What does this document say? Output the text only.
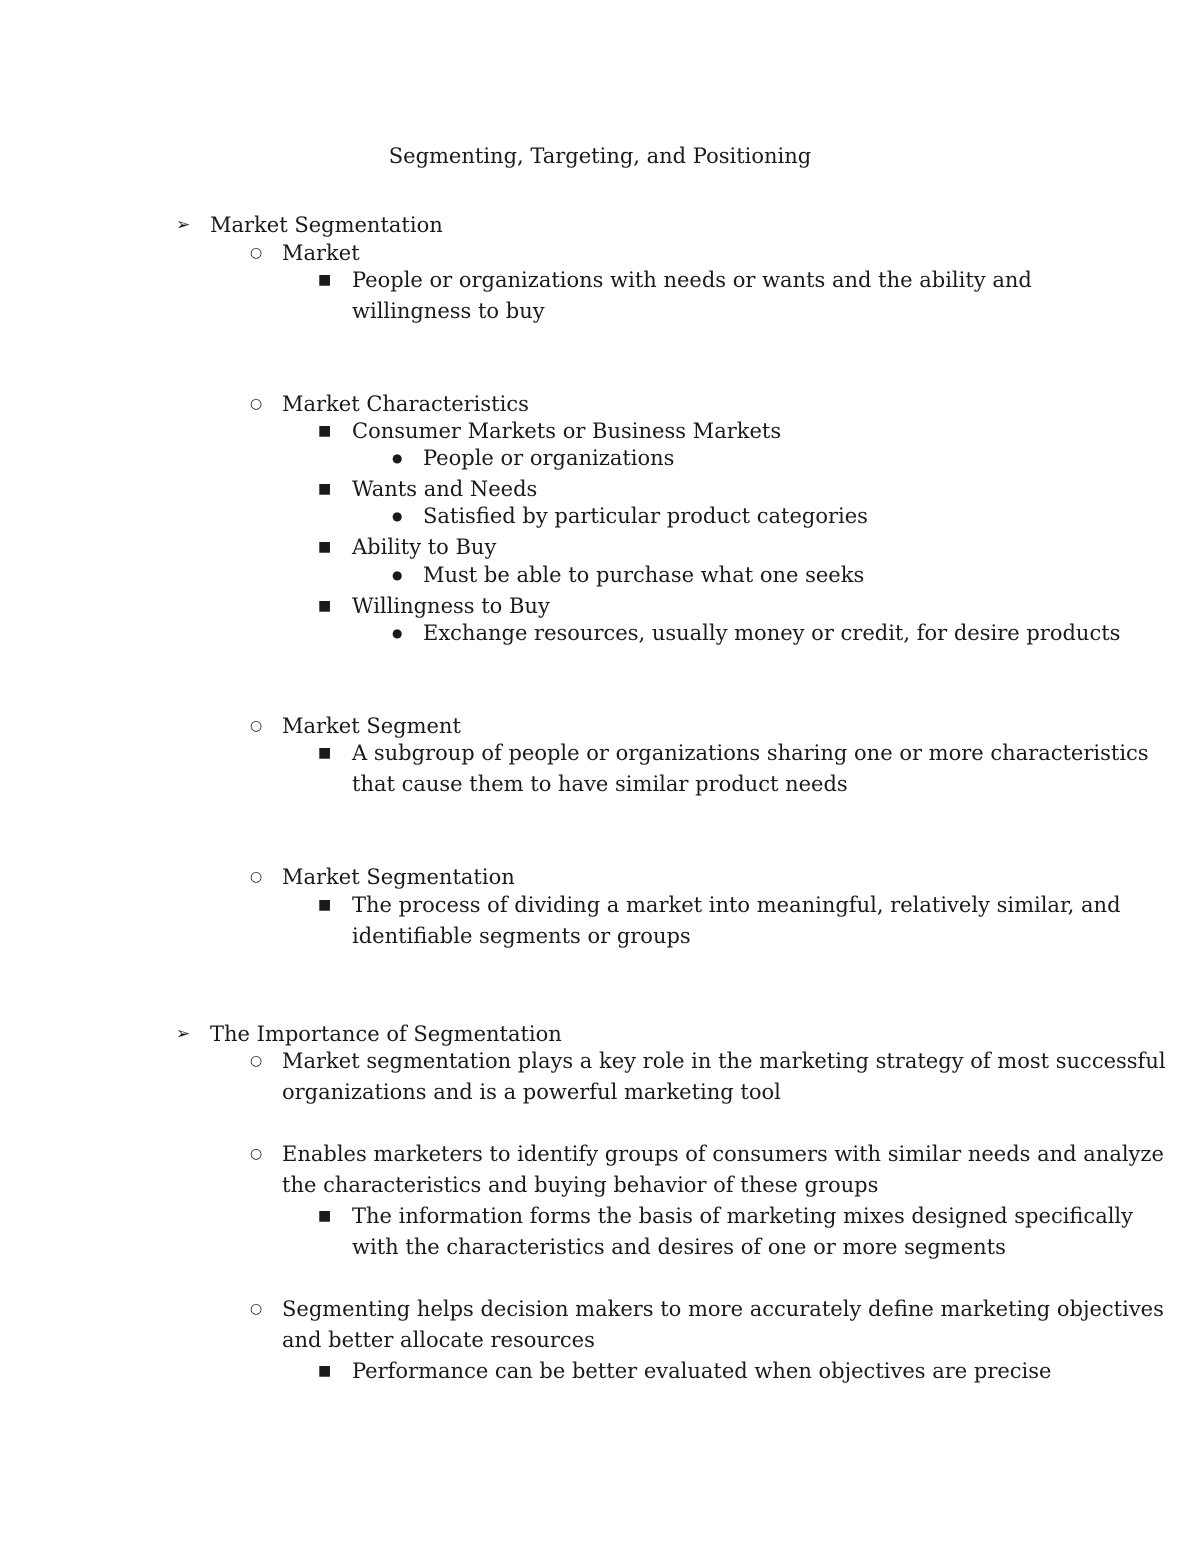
Segmenting, Targeting, and Positioning
➢ Market Segmentation
○ Market
■ People or organizations with needs or wants and the ability and
willingness to buy
○ Market Characteristics
■ Consumer Markets or Business Markets
● People or organizations
■ Wants and Needs
● Satisfied by particular product categories
■ Ability to Buy
● Must be able to purchase what one seeks
■ Willingness to Buy
● Exchange resources, usually money or credit, for desire products
○ Market Segment
■ A subgroup of people or organizations sharing one or more characteristics
that cause them to have similar product needs
○ Market Segmentation
■ The process of dividing a market into meaningful, relatively similar, and
identifiable segments or groups
➢ The Importance of Segmentation
○ Market segmentation plays a key role in the marketing strategy of most successful
organizations and is a powerful marketing tool
○ Enables marketers to identify groups of consumers with similar needs and analyze
the characteristics and buying behavior of these groups
■ The information forms the basis of marketing mixes designed specifically
with the characteristics and desires of one or more segments
○ Segmenting helps decision makers to more accurately define marketing objectives
and better allocate resources
■ Performance can be better evaluated when objectives are precise
